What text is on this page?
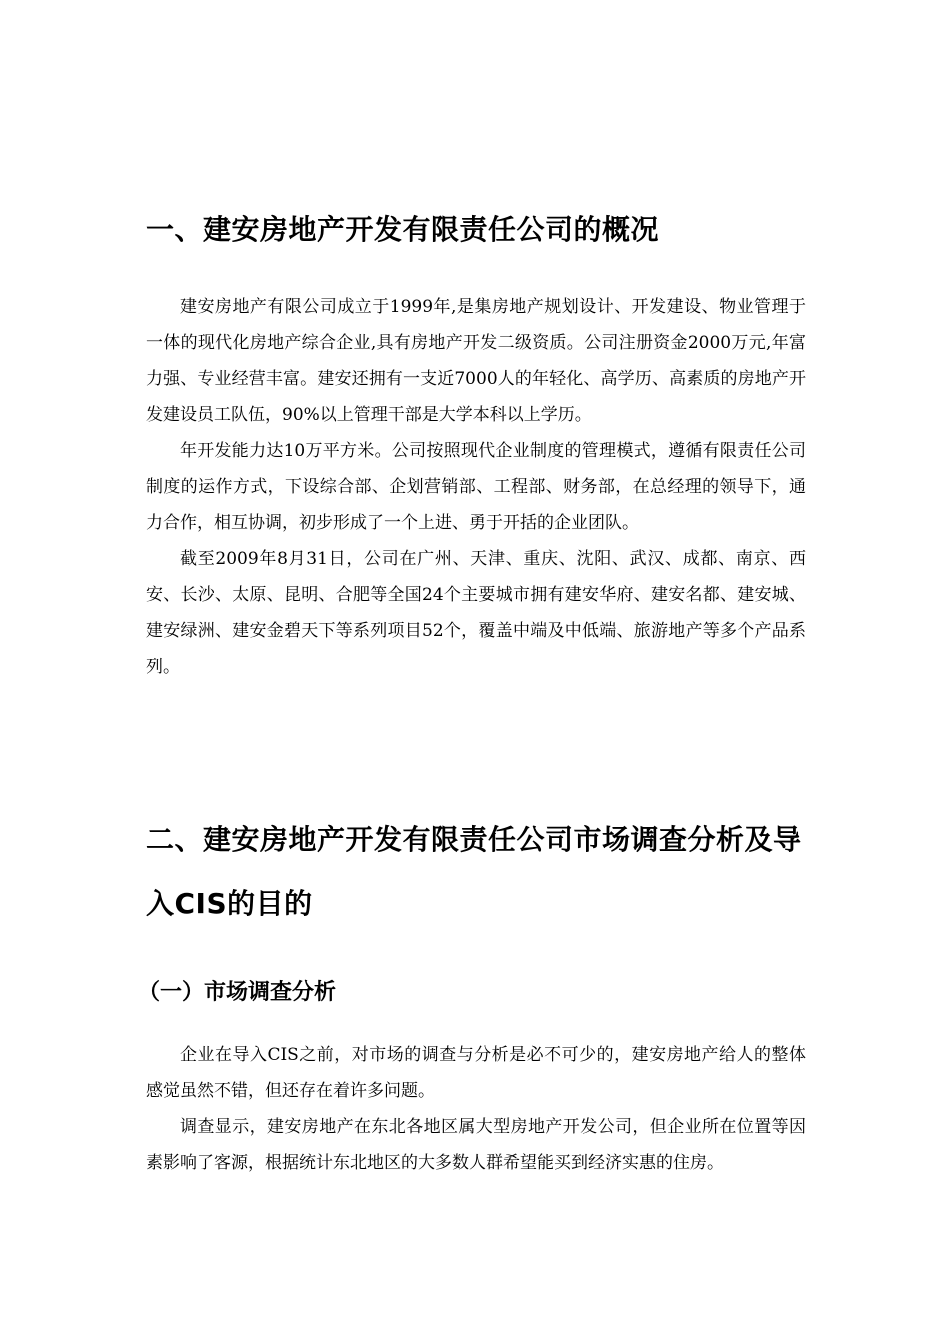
一、建安房地产开发有限责任公司的概况

建安房地产有限公司成立于1999年,是集房地产规划设计、开发建设、物业管理于一体的现代化房地产综合企业,具有房地产开发二级资质。公司注册资金2000万元,年富力强、专业经营丰富。建安还拥有一支近7000人的年轻化、高学历、高素质的房地产开发建设员工队伍，90%以上管理干部是大学本科以上学历。

年开发能力达10万平方米。公司按照现代企业制度的管理模式，遵循有限责任公司制度的运作方式，下设综合部、企划营销部、工程部、财务部，在总经理的领导下，通力合作，相互协调，初步形成了一个上进、勇于开括的企业团队。

截至2009年8月31日，公司在广州、天津、重庆、沈阳、武汉、成都、南京、西安、长沙、太原、昆明、合肥等全国24个主要城市拥有建安华府、建安名都、建安城、建安绿洲、建安金碧天下等系列项目52个，覆盖中端及中低端、旅游地产等多个产品系列。

二、建安房地产开发有限责任公司市场调查分析及导入CIS的目的
（一）市场调查分析

企业在导入CIS之前，对市场的调查与分析是必不可少的，建安房地产给人的整体感觉虽然不错，但还存在着许多问题。

调查显示，建安房地产在东北各地区属大型房地产开发公司，但企业所在位置等因素影响了客源，根据统计东北地区的大多数人群希望能买到经济实惠的住房。
